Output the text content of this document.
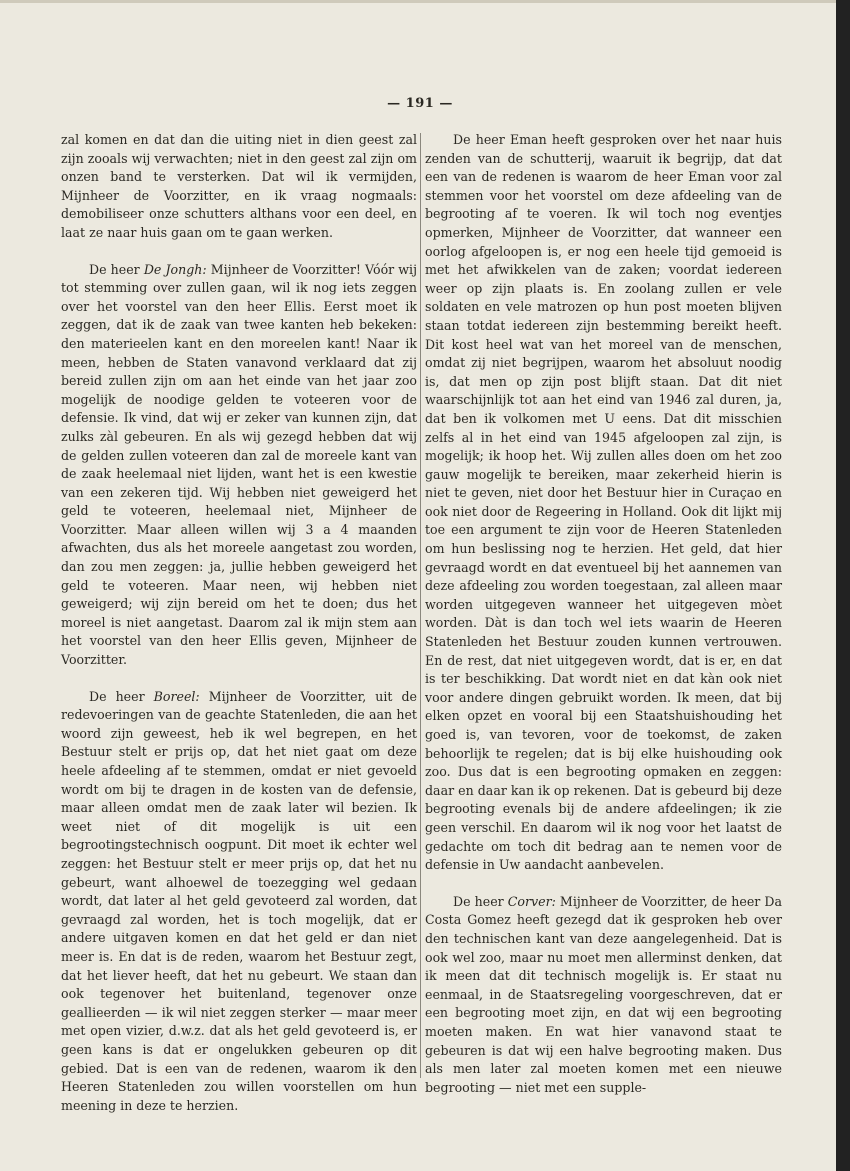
— 191 —

zal komen en dat dan die uiting niet in dien geest zal zijn zooals wij verwachten; niet in den geest zal zijn om onzen band te versterken. Dat wil ik vermijden, Mijnheer de Voorzitter, en ik vraag nogmaals: demobiliseer onze schutters althans voor een deel, en laat ze naar huis gaan om te gaan werken.

De heer De Jongh: Mijnheer de Voorzitter! Vóór wij tot stemming over zullen gaan, wil ik nog iets zeggen over het voorstel van den heer Ellis. Eerst moet ik zeggen, dat ik de zaak van twee kanten heb bekeken: den materieelen kant en den moreelen kant! Naar ik meen, hebben de Staten vanavond verklaard dat zij bereid zullen zijn om aan het einde van het jaar zoo mogelijk de noodige gelden te voteeren voor de defensie. Ik vind, dat wij er zeker van kunnen zijn, dat zulks zàl gebeuren. En als wij gezegd hebben dat wij de gelden zullen voteeren dan zal de moreele kant van de zaak heelemaal niet lijden, want het is een kwestie van een zekeren tijd. Wij hebben niet geweigerd het geld te voteeren, heelemaal niet, Mijnheer de Voorzitter. Maar alleen willen wij 3 a 4 maanden afwachten, dus als het moreele aangetast zou worden, dan zou men zeggen: ja, jullie hebben geweigerd het geld te voteeren. Maar neen, wij hebben niet geweigerd; wij zijn bereid om het te doen; dus het moreel is niet aangetast. Daarom zal ik mijn stem aan het voorstel van den heer Ellis geven, Mijnheer de Voorzitter.

De heer Boreel: Mijnheer de Voorzitter, uit de redevoeringen van de geachte Statenleden, die aan het woord zijn geweest, heb ik wel begrepen, en het Bestuur stelt er prijs op, dat het niet gaat om deze heele afdeeling af te stemmen, omdat er niet gevoeld wordt om bij te dragen in de kosten van de defensie, maar alleen omdat men de zaak later wil bezien. Ik weet niet of dit mogelijk is uit een begrootingstechnisch oogpunt. Dit moet ik echter wel zeggen: het Bestuur stelt er meer prijs op, dat het nu gebeurt, want alhoewel de toezegging wel gedaan wordt, dat later al het geld gevoteerd zal worden, dat gevraagd zal worden, het is toch mogelijk, dat er andere uitgaven komen en dat het geld er dan niet meer is. En dat is de reden, waarom het Bestuur zegt, dat het liever heeft, dat het nu gebeurt. We staan dan ook tegenover het buitenland, tegenover onze geallieerden — ik wil niet zeggen sterker — maar meer met open vizier, d.w.z. dat als het geld gevoteerd is, er geen kans is dat er ongelukken gebeuren op dit gebied. Dat is een van de redenen, waarom ik den Heeren Statenleden zou willen voorstellen om hun meening in deze te herzien.

De heer Eman heeft gesproken over het naar huis zenden van de schutterij, waaruit ik begrijp, dat dat een van de redenen is waarom de heer Eman voor zal stemmen voor het voorstel om deze afdeeling van de begrooting af te voeren. Ik wil toch nog eventjes opmerken, Mijnheer de Voorzitter, dat wanneer een oorlog afgeloopen is, er nog een heele tijd gemoeid is met het afwikkelen van de zaken; voordat iedereen weer op zijn plaats is. En zoolang zullen er vele soldaten en vele matrozen op hun post moeten blijven staan totdat iedereen zijn bestemming bereikt heeft. Dit kost heel wat van het moreel van de menschen, omdat zij niet begrijpen, waarom het absoluut noodig is, dat men op zijn post blijft staan. Dat dit niet waarschijnlijk tot aan het eind van 1946 zal duren, ja, dat ben ik volkomen met U eens. Dat dit misschien zelfs al in het eind van 1945 afgeloopen zal zijn, is mogelijk; ik hoop het. Wij zullen alles doen om het zoo gauw mogelijk te bereiken, maar zekerheid hierin is niet te geven, niet door het Bestuur hier in Curaçao en ook niet door de Regeering in Holland. Ook dit lijkt mij toe een argument te zijn voor de Heeren Statenleden om hun beslissing nog te herzien. Het geld, dat hier gevraagd wordt en dat eventueel bij het aannemen van deze afdeeling zou worden toegestaan, zal alleen maar worden uitgegeven wanneer het uitgegeven mòet worden. Dàt is dan toch wel iets waarin de Heeren Statenleden het Bestuur zouden kunnen vertrouwen. En de rest, dat niet uitgegeven wordt, dat is er, en dat is ter beschikking. Dat wordt niet en dat kàn ook niet voor andere dingen gebruikt worden. Ik meen, dat bij elken opzet en vooral bij een Staatshuishouding het goed is, van tevoren, voor de toekomst, de zaken behoorlijk te regelen; dat is bij elke huishouding ook zoo. Dus dat is een begrooting opmaken en zeggen: daar en daar kan ik op rekenen. Dat is gebeurd bij deze begrooting evenals bij de andere afdeelingen; ik zie geen verschil. En daarom wil ik nog voor het laatst de gedachte om toch dit bedrag aan te nemen voor de defensie in Uw aandacht aanbevelen.

De heer Corver: Mijnheer de Voorzitter, de heer Da Costa Gomez heeft gezegd dat ik gesproken heb over den technischen kant van deze aangelegenheid. Dat is ook wel zoo, maar nu moet men allerminst denken, dat ik meen dat dit technisch mogelijk is. Er staat nu eenmaal, in de Staatsregeling voorgeschreven, dat er een begrooting moet zijn, en dat wij een begrooting moeten maken. En wat hier vanavond staat te gebeuren is dat wij een halve begrooting maken. Dus als men later zal moeten komen met een nieuwe begrooting — niet met een supple-
